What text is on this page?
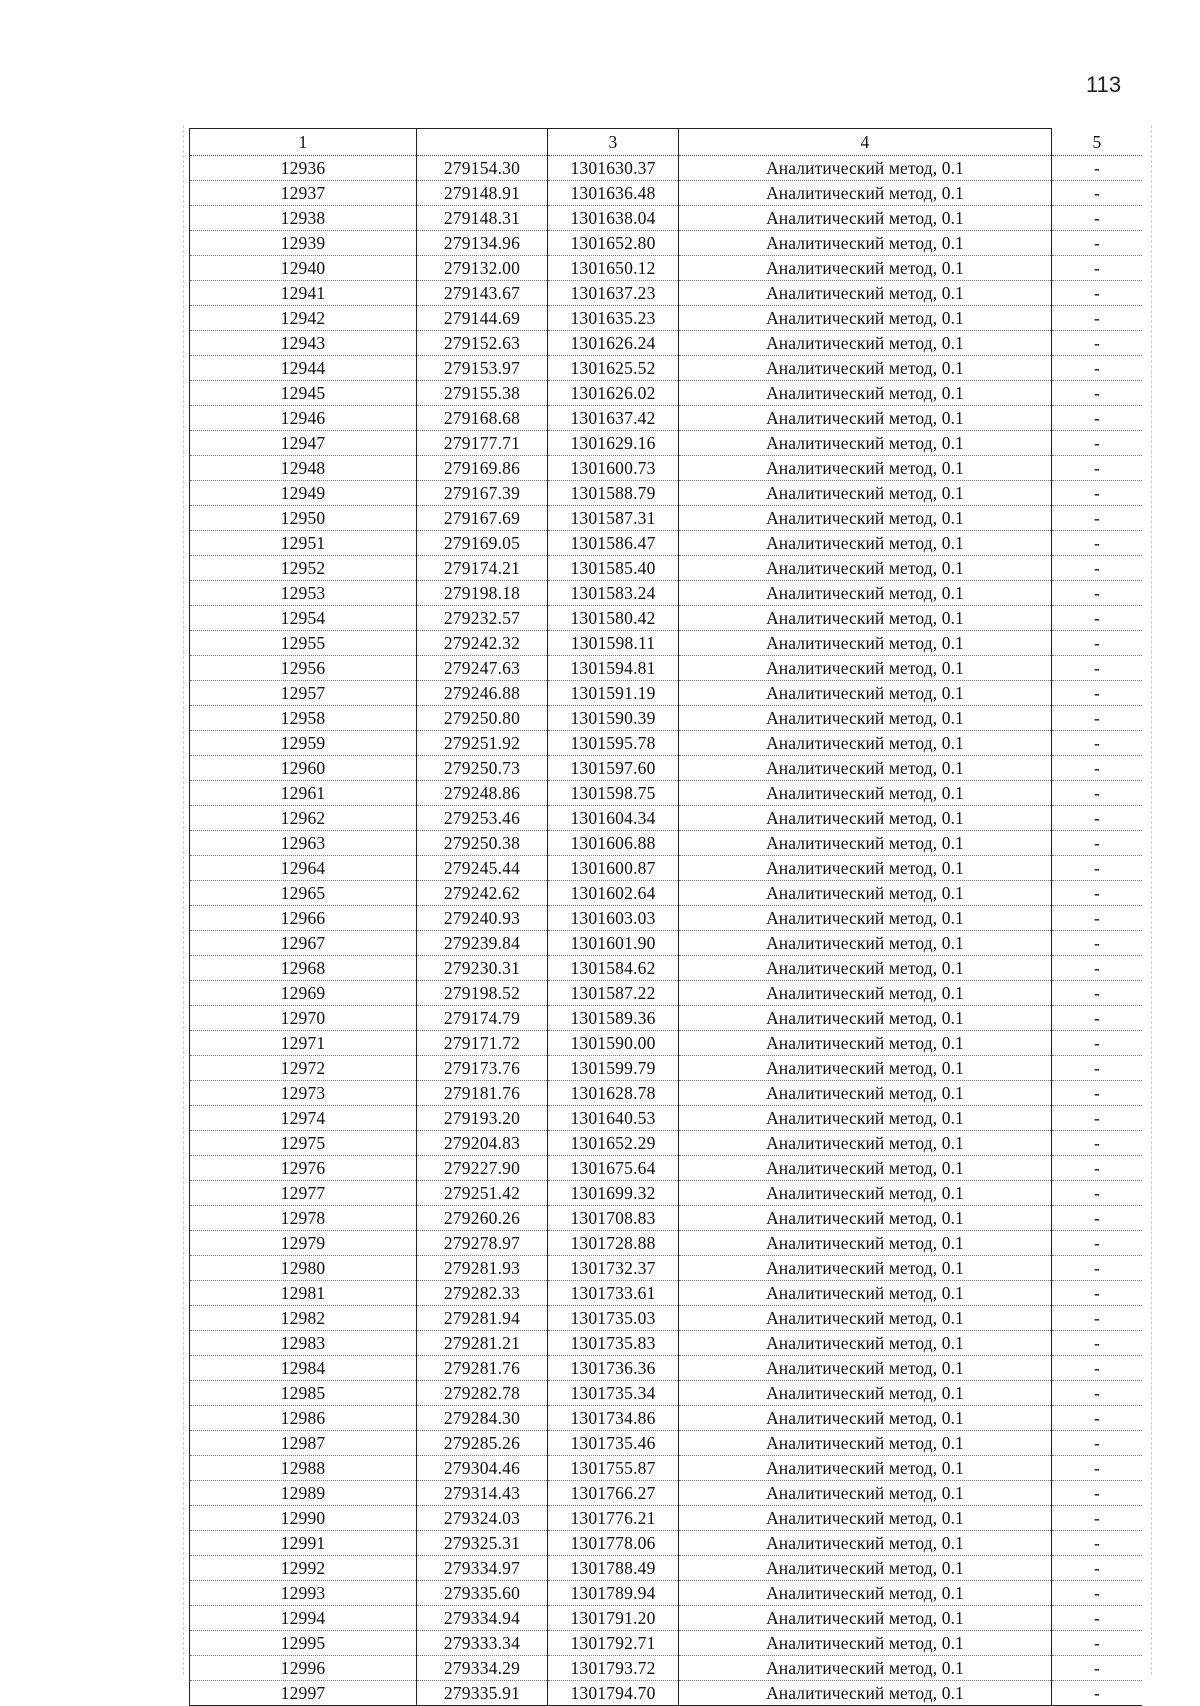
113
1		3	4	5
12936	279154.30	1301630.37	Аналитический метод, 0.1	-
12937	279148.91	1301636.48	Аналитический метод, 0.1	-
12938	279148.31	1301638.04	Аналитический метод, 0.1	-
12939	279134.96	1301652.80	Аналитический метод, 0.1	-
12940	279132.00	1301650.12	Аналитический метод, 0.1	-
12941	279143.67	1301637.23	Аналитический метод, 0.1	-
12942	279144.69	1301635.23	Аналитический метод, 0.1	-
12943	279152.63	1301626.24	Аналитический метод, 0.1	-
12944	279153.97	1301625.52	Аналитический метод, 0.1	-
12945	279155.38	1301626.02	Аналитический метод, 0.1	-
12946	279168.68	1301637.42	Аналитический метод, 0.1	-
12947	279177.71	1301629.16	Аналитический метод, 0.1	-
12948	279169.86	1301600.73	Аналитический метод, 0.1	-
12949	279167.39	1301588.79	Аналитический метод, 0.1	-
12950	279167.69	1301587.31	Аналитический метод, 0.1	-
12951	279169.05	1301586.47	Аналитический метод, 0.1	-
12952	279174.21	1301585.40	Аналитический метод, 0.1	-
12953	279198.18	1301583.24	Аналитический метод, 0.1	-
12954	279232.57	1301580.42	Аналитический метод, 0.1	-
12955	279242.32	1301598.11	Аналитический метод, 0.1	-
12956	279247.63	1301594.81	Аналитический метод, 0.1	-
12957	279246.88	1301591.19	Аналитический метод, 0.1	-
12958	279250.80	1301590.39	Аналитический метод, 0.1	-
12959	279251.92	1301595.78	Аналитический метод, 0.1	-
12960	279250.73	1301597.60	Аналитический метод, 0.1	-
12961	279248.86	1301598.75	Аналитический метод, 0.1	-
12962	279253.46	1301604.34	Аналитический метод, 0.1	-
12963	279250.38	1301606.88	Аналитический метод, 0.1	-
12964	279245.44	1301600.87	Аналитический метод, 0.1	-
12965	279242.62	1301602.64	Аналитический метод, 0.1	-
12966	279240.93	1301603.03	Аналитический метод, 0.1	-
12967	279239.84	1301601.90	Аналитический метод, 0.1	-
12968	279230.31	1301584.62	Аналитический метод, 0.1	-
12969	279198.52	1301587.22	Аналитический метод, 0.1	-
12970	279174.79	1301589.36	Аналитический метод, 0.1	-
12971	279171.72	1301590.00	Аналитический метод, 0.1	-
12972	279173.76	1301599.79	Аналитический метод, 0.1	-
12973	279181.76	1301628.78	Аналитический метод, 0.1	-
12974	279193.20	1301640.53	Аналитический метод, 0.1	-
12975	279204.83	1301652.29	Аналитический метод, 0.1	-
12976	279227.90	1301675.64	Аналитический метод, 0.1	-
12977	279251.42	1301699.32	Аналитический метод, 0.1	-
12978	279260.26	1301708.83	Аналитический метод, 0.1	-
12979	279278.97	1301728.88	Аналитический метод, 0.1	-
12980	279281.93	1301732.37	Аналитический метод, 0.1	-
12981	279282.33	1301733.61	Аналитический метод, 0.1	-
12982	279281.94	1301735.03	Аналитический метод, 0.1	-
12983	279281.21	1301735.83	Аналитический метод, 0.1	-
12984	279281.76	1301736.36	Аналитический метод, 0.1	-
12985	279282.78	1301735.34	Аналитический метод, 0.1	-
12986	279284.30	1301734.86	Аналитический метод, 0.1	-
12987	279285.26	1301735.46	Аналитический метод, 0.1	-
12988	279304.46	1301755.87	Аналитический метод, 0.1	-
12989	279314.43	1301766.27	Аналитический метод, 0.1	-
12990	279324.03	1301776.21	Аналитический метод, 0.1	-
12991	279325.31	1301778.06	Аналитический метод, 0.1	-
12992	279334.97	1301788.49	Аналитический метод, 0.1	-
12993	279335.60	1301789.94	Аналитический метод, 0.1	-
12994	279334.94	1301791.20	Аналитический метод, 0.1	-
12995	279333.34	1301792.71	Аналитический метод, 0.1	-
12996	279334.29	1301793.72	Аналитический метод, 0.1	-
12997	279335.91	1301794.70	Аналитический метод, 0.1	-
